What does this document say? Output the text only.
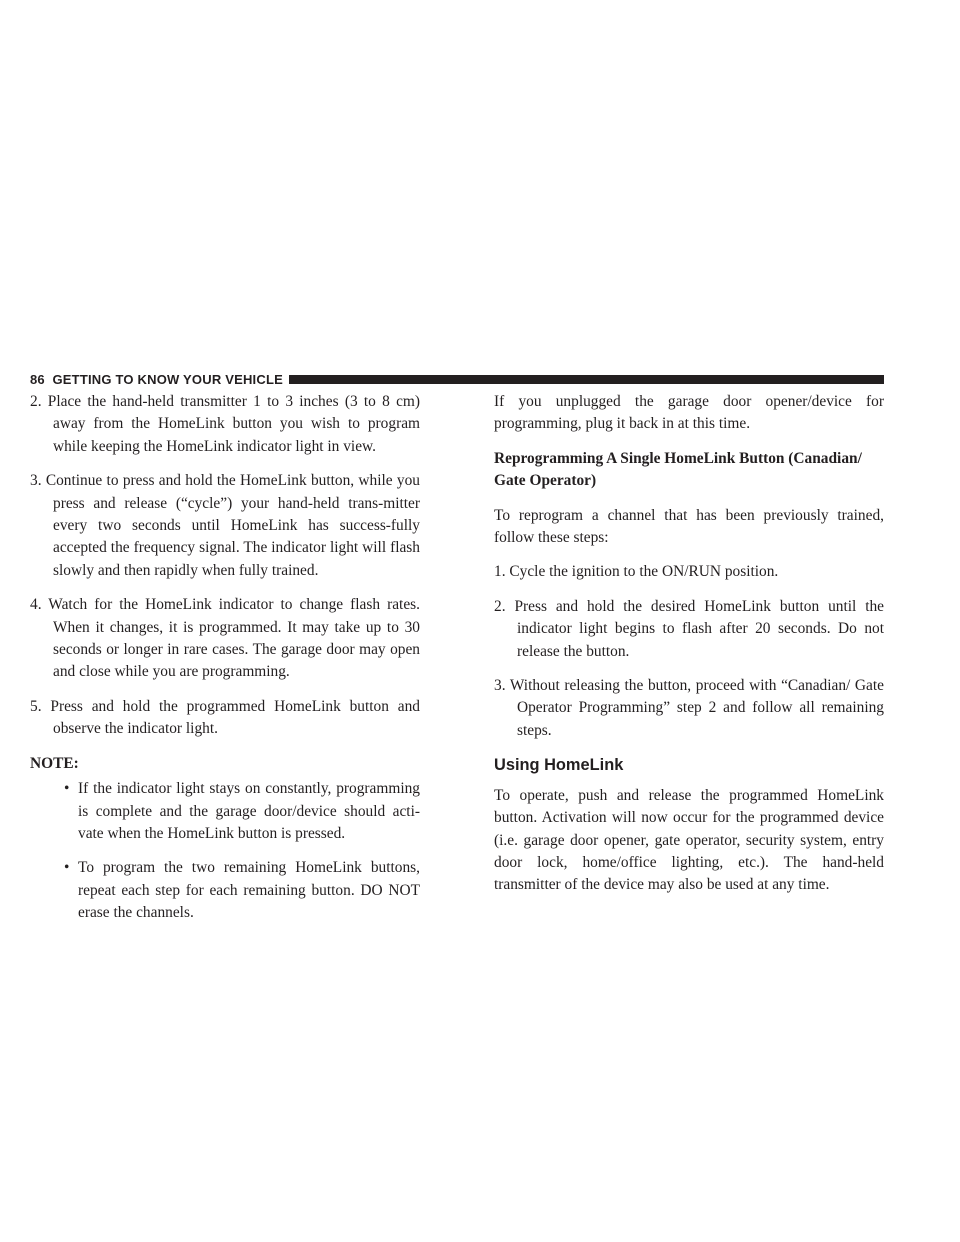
86 GETTING TO KNOW YOUR VEHICLE

2. Place the hand-held transmitter 1 to 3 inches (3 to 8 cm) away from the HomeLink button you wish to program while keeping the HomeLink indicator light in view.

3. Continue to press and hold the HomeLink button, while you press and release (“cycle”) your hand-held trans-mitter every two seconds until HomeLink has success-fully accepted the frequency signal. The indicator light will flash slowly and then rapidly when fully trained.

4. Watch for the HomeLink indicator to change flash rates. When it changes, it is programmed. It may take up to 30 seconds or longer in rare cases. The garage door may open and close while you are programming.

5. Press and hold the programmed HomeLink button and observe the indicator light.

NOTE:

• If the indicator light stays on constantly, programming is complete and the garage door/device should acti-vate when the HomeLink button is pressed.
• To program the two remaining HomeLink buttons, repeat each step for each remaining button. DO NOT erase the channels.

If you unplugged the garage door opener/device for programming, plug it back in at this time.

Reprogramming A Single HomeLink Button (Canadian/ Gate Operator)

To reprogram a channel that has been previously trained, follow these steps:

1. Cycle the ignition to the ON/RUN position.

2. Press and hold the desired HomeLink button until the indicator light begins to flash after 20 seconds. Do not release the button.

3. Without releasing the button, proceed with “Canadian/ Gate Operator Programming” step 2 and follow all remaining steps.

Using HomeLink

To operate, push and release the programmed HomeLink button. Activation will now occur for the programmed device (i.e. garage door opener, gate operator, security system, entry door lock, home/office lighting, etc.). The hand-held transmitter of the device may also be used at any time.
